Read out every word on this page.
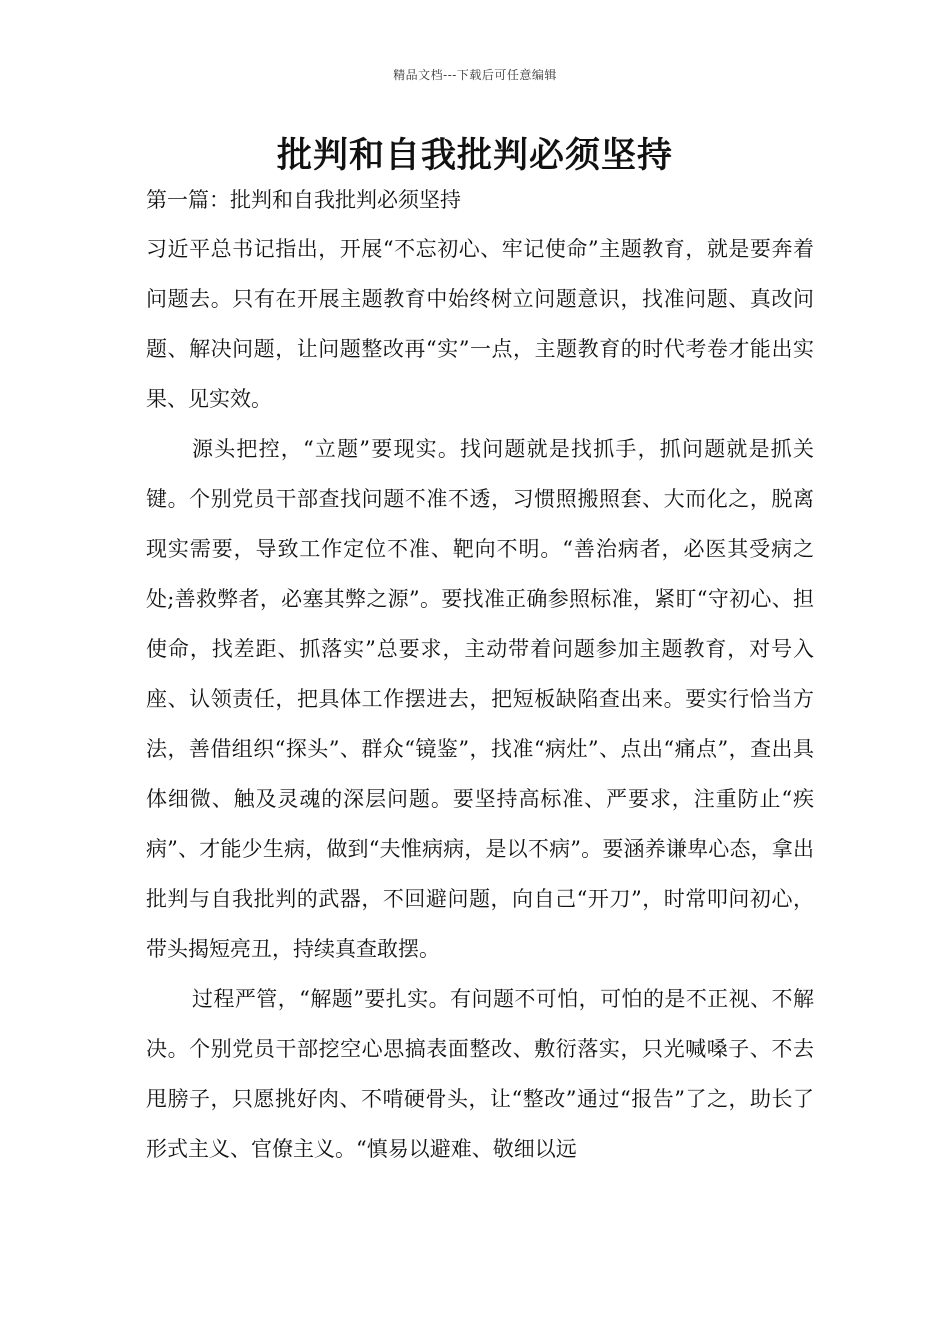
精品文档---下载后可任意编辑
批判和自我批判必须坚持
第一篇：批判和自我批判必须坚持

习近平总书记指出，开展“不忘初心、牢记使命”主题教育，就是要奔着问题去。只有在开展主题教育中始终树立问题意识，找准问题、真改问题、解决问题，让问题整改再“实”一点，主题教育的时代考卷才能出实果、见实效。

源头把控，“立题”要现实。找问题就是找抓手，抓问题就是抓关键。个别党员干部查找问题不准不透，习惯照搬照套、大而化之，脱离现实需要，导致工作定位不准、靶向不明。“善治病者，必医其受病之处;善救弊者，必塞其弊之源”。要找准正确参照标准，紧盯“守初心、担使命，找差距、抓落实”总要求，主动带着问题参加主题教育，对号入座、认领责任，把具体工作摆进去，把短板缺陷查出来。要实行恰当方法，善借组织“探头”、群众“镜鉴”，找准“病灶”、点出“痛点”，查出具体细微、触及灵魂的深层问题。要坚持高标准、严要求，注重防止“疾病”、才能少生病，做到“夫惟病病，是以不病”。要涵养谦卑心态，拿出批判与自我批判的武器，不回避问题，向自己“开刀”，时常叩问初心，带头揭短亮丑，持续真查敢摆。

过程严管，“解题”要扎实。有问题不可怕，可怕的是不正视、不解决。个别党员干部挖空心思搞表面整改、敷衍落实，只光喊嗓子、不去甩膀子，只愿挑好肉、不啃硬骨头，让“整改”通过“报告”了之，助长了形式主义、官僚主义。“慎易以避难、敬细以远
